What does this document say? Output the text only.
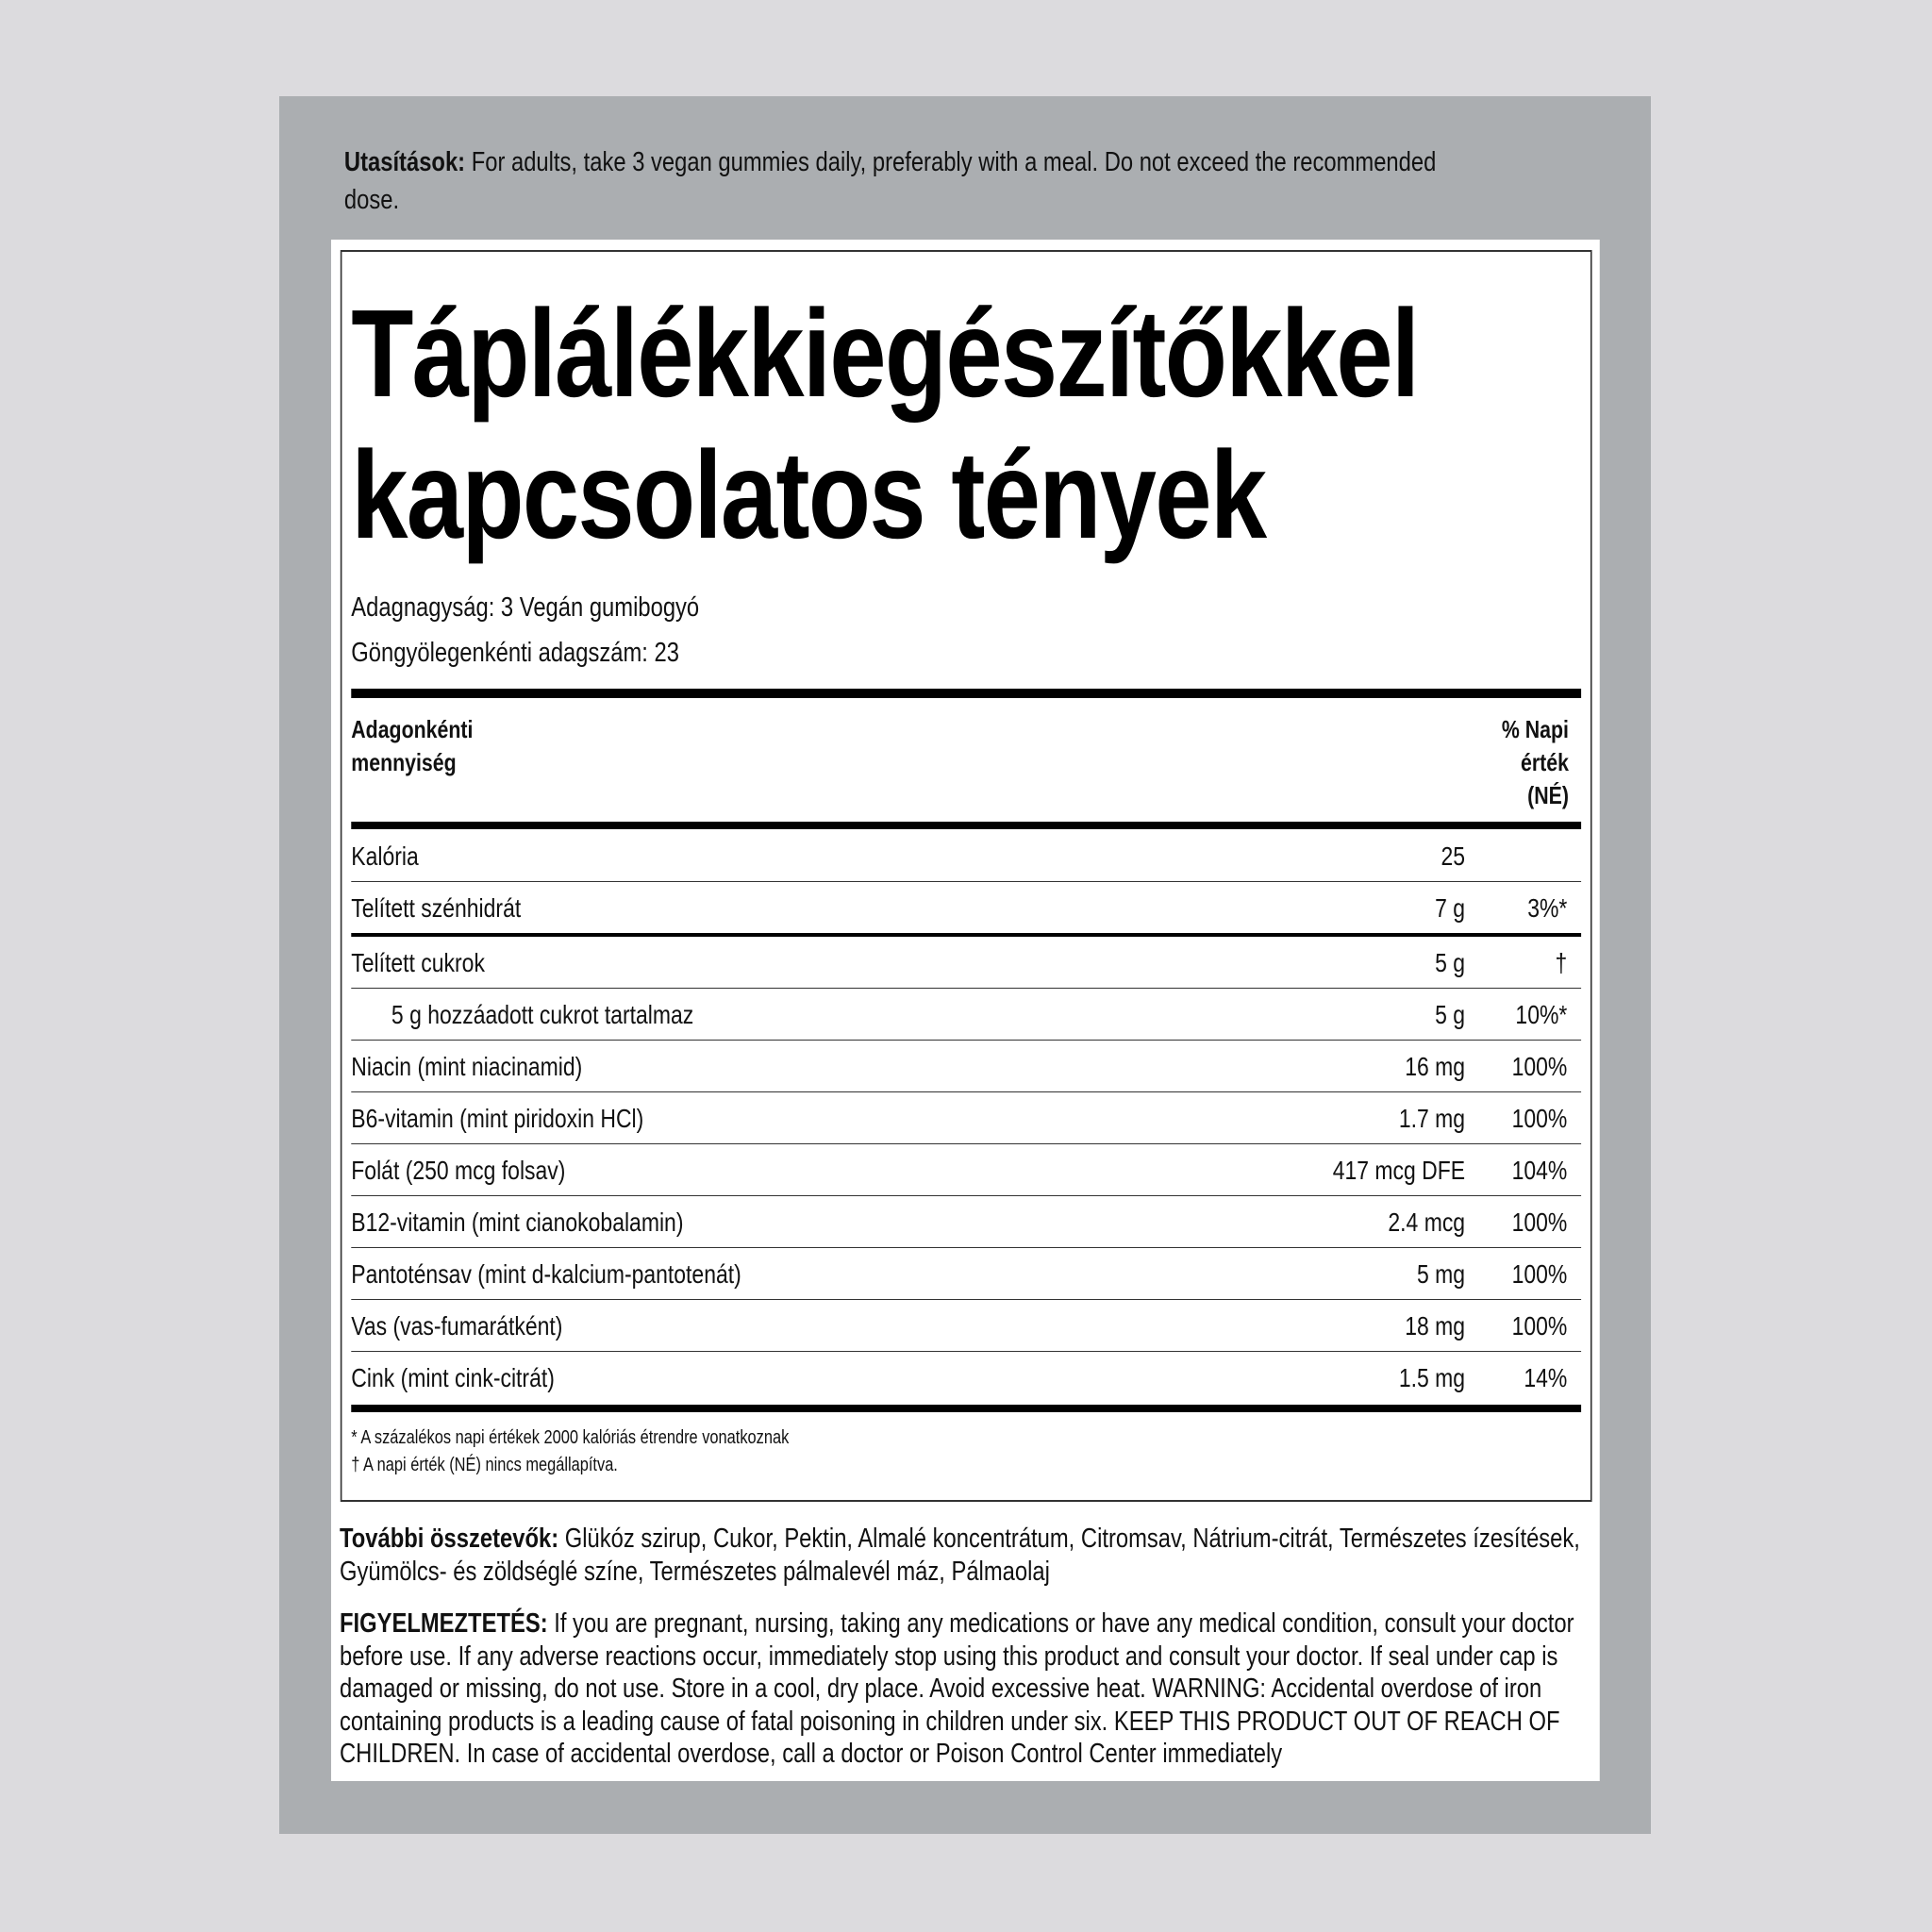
Utasítások: For adults, take 3 vegan gummies daily, preferably with a meal. Do not exceed the recommended dose.
Táplálékkiegészítőkkel
kapcsolatos tények
Adagnagyság: 3 Vegán gumibogyó
Göngyölegenkénti adagszám: 23
Adagonkénti
mennyiség
% Napi
érték
(NÉ)
Kalória	25
Telített szénhidrát	7 g 3%*
Telített cukrok	5 g	†
5 g hozzáadott cukrot tartalmaz	5 g 10%*
Niacin (mint niacinamid)	16 mg 100%
B6-vitamin (mint piridoxin HCl)	1.7 mg 100%
Folát (250 mcg folsav)	417 mcg DFE 104%
B12-vitamin (mint cianokobalamin)	2.4 mcg 100%
Pantoténsav (mint d-kalcium-pantotenát)	5 mg 100%
Vas (vas-fumarátként)	18 mg 100%
Cink (mint cink-citrát)	1.5 mg 14%
* A százalékos napi értékek 2000 kalóriás étrendre vonatkoznak
† A napi érték (NÉ) nincs megállapítva.
További összetevők: Glükóz szirup, Cukor, Pektin, Almalé koncentrátum, Citromsav, Nátrium-citrát, Természetes ízesítések, Gyümölcs- és zöldséglé színe, Természetes pálmalevél máz, Pálmaolaj
FIGYELMEZTETÉS: If you are pregnant, nursing, taking any medications or have any medical condition, consult your doctor before use. If any adverse reactions occur, immediately stop using this product and consult your doctor. If seal under cap is damaged or missing, do not use. Store in a cool, dry place. Avoid excessive heat. WARNING: Accidental overdose of iron containing products is a leading cause of fatal poisoning in children under six. KEEP THIS PRODUCT OUT OF REACH OF CHILDREN. In case of accidental overdose, call a doctor or Poison Control Center immediately
